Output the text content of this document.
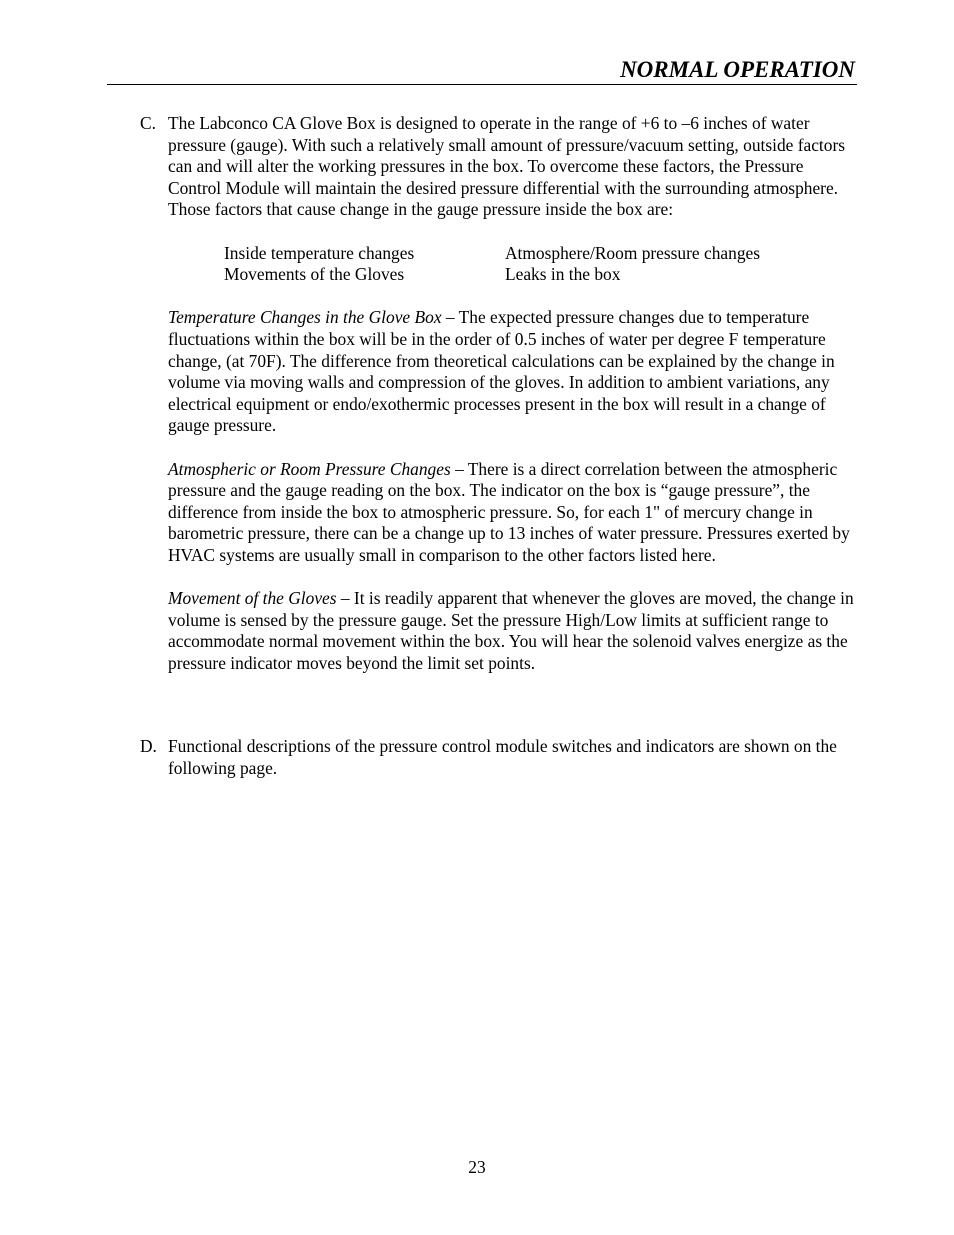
NORMAL OPERATION
C. The Labconco CA Glove Box is designed to operate in the range of +6 to –6 inches of water pressure (gauge). With such a relatively small amount of pressure/vacuum setting, outside factors can and will alter the working pressures in the box. To overcome these factors, the Pressure Control Module will maintain the desired pressure differential with the surrounding atmosphere. Those factors that cause change in the gauge pressure inside the box are:

Inside temperature changes	Atmosphere/Room pressure changes
Movements of the Gloves	Leaks in the box

Temperature Changes in the Glove Box – The expected pressure changes due to temperature fluctuations within the box will be in the order of 0.5 inches of water per degree F temperature change, (at 70F). The difference from theoretical calculations can be explained by the change in volume via moving walls and compression of the gloves. In addition to ambient variations, any electrical equipment or endo/exothermic processes present in the box will result in a change of gauge pressure.

Atmospheric or Room Pressure Changes – There is a direct correlation between the atmospheric pressure and the gauge reading on the box. The indicator on the box is “gauge pressure”, the difference from inside the box to atmospheric pressure. So, for each 1" of mercury change in barometric pressure, there can be a change up to 13 inches of water pressure. Pressures exerted by HVAC systems are usually small in comparison to the other factors listed here.

Movement of the Gloves – It is readily apparent that whenever the gloves are moved, the change in volume is sensed by the pressure gauge. Set the pressure High/Low limits at sufficient range to accommodate normal movement within the box. You will hear the solenoid valves energize as the pressure indicator moves beyond the limit set points.

D. Functional descriptions of the pressure control module switches and indicators are shown on the following page.

23
